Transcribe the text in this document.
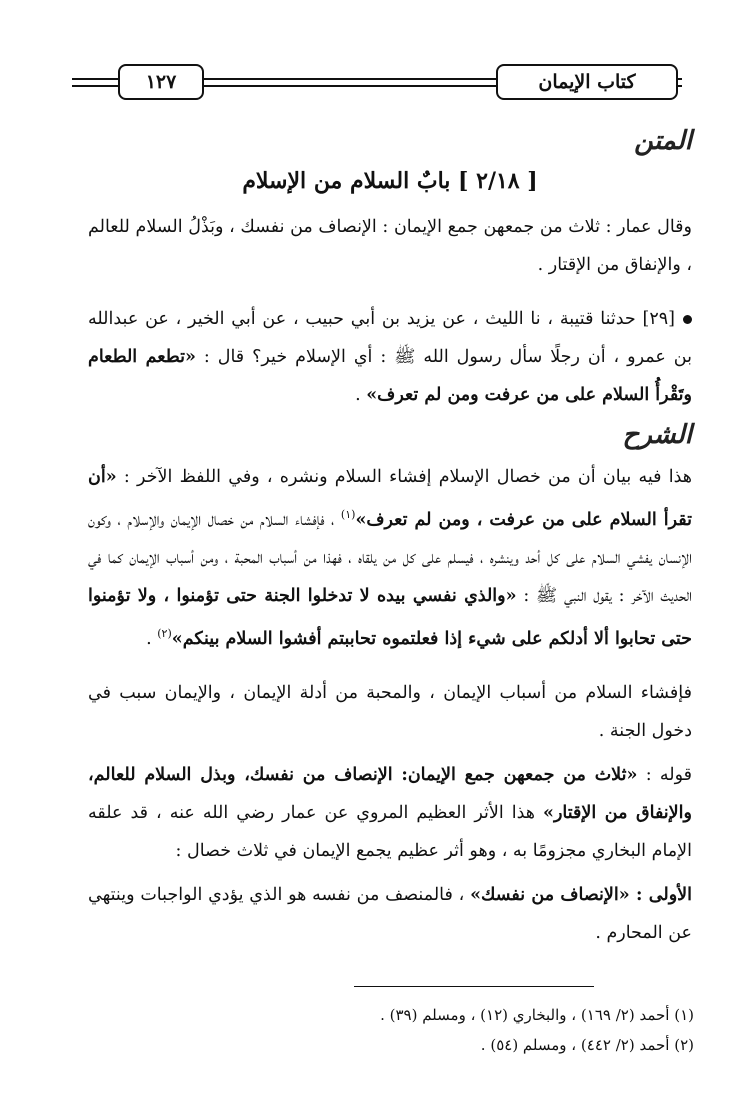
١٢٧	كتاب الإيمان
المتن
[ ٢/١٨ ] بابٌ السلام من الإسلام

وقال عمار : ثلاث من جمعهن جمع الإيمان : الإنصاف من نفسك ، وبَذْلُ السلام للعالم ، والإنفاق من الإقتار .

[٢٩] حدثنا قتيبة ، نا الليث ، عن يزيد بن أبي حبيب ، عن أبي الخير ، عن عبدالله بن عمرو ، أن رجلًا سأل رسول الله ﷺ : أي الإسلام خير؟ قال : «تطعم الطعام وتَقْرأُ السلام على من عرفت ومن لم تعرف» .

الشرح

هذا فيه بيان أن من خصال الإسلام إفشاء السلام ونشره ، وفي اللفظ الآخر : «أن تقرأ السلام على من عرفت ، ومن لم تعرف»$^{(١)}$ ، فإفشاء السلام من خصال الإيمان والإسلام ، وكون الإنسان يفشي السلام على كل أحد وينشره ، فيسلم على كل من يلقاه ، فهذا من أسباب المحبة ، ومن أسباب الإيمان كما في الحديث الآخر : يقول النبي ﷺ : «والذي نفسي بيده لا تدخلوا الجنة حتى تؤمنوا ، ولا تؤمنوا حتى تحابوا ألا أدلكم على شيء إذا فعلتموه تحاببتم أفشوا السلام بينكم»$^{(٢)}$ .

فإفشاء السلام من أسباب الإيمان ، والمحبة من أدلة الإيمان ، والإيمان سبب في دخول الجنة .

قوله : «ثلاث من جمعهن جمع الإيمان: الإنصاف من نفسك، وبذل السلام للعالم، والإنفاق من الإقتار» هذا الأثر العظيم المروي عن عمار رضي الله عنه ، قد علقه الإمام البخاري مجزومًا به ، وهو أثر عظيم يجمع الإيمان في ثلاث خصال :

الأولى : «الإنصاف من نفسك» ، فالمنصف من نفسه هو الذي يؤدي الواجبات وينتهي عن المحارم .

(١) أحمد (٢/ ١٦٩) ، والبخاري (١٢) ، ومسلم (٣٩) .
(٢) أحمد (٢/ ٤٤٢) ، ومسلم (٥٤) .
